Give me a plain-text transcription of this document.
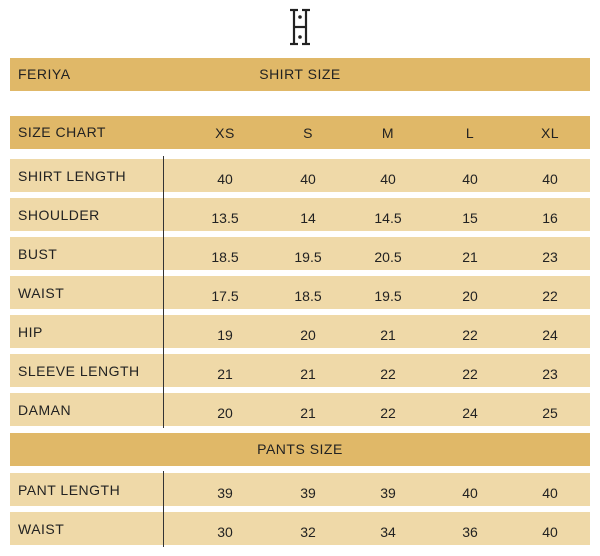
FERIYA	SHIRT SIZE
SIZE CHART	XS	S	M	L	XL
SHIRT LENGTH	40	40	40	40	40
SHOULDER	13.5	14	14.5	15	16
BUST	18.5	19.5	20.5	21	23
WAIST	17.5	18.5	19.5	20	22
HIP	19	20	21	22	24
SLEEVE LENGTH	21	21	22	22	23
DAMAN	20	21	22	24	25
PANTS SIZE
PANT LENGTH	39	39	39	40	40
WAIST	30	32	34	36	40
